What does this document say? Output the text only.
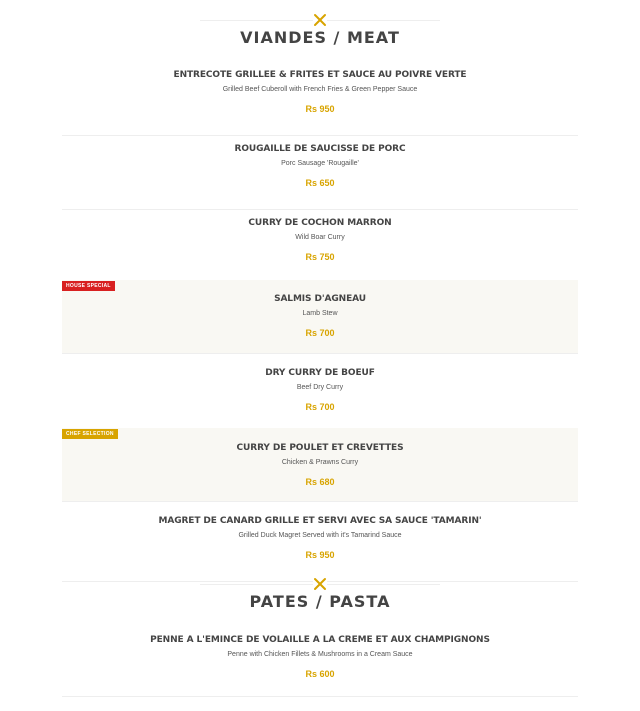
VIANDES / MEAT
ENTRECOTE GRILLEE & FRITES ET SAUCE AU POIVRE VERTE
Grilled Beef Cuberoll with French Fries & Green Pepper Sauce
Rs 950
ROUGAILLE DE SAUCISSE DE PORC
Porc Sausage 'Rougaille'
Rs 650
CURRY DE COCHON MARRON
Wild Boar Curry
Rs 750
HOUSE SPECIAL
SALMIS D'AGNEAU
Lamb Stew
Rs 700
DRY CURRY DE BOEUF
Beef Dry Curry
Rs 700
CHEF SELECTION
CURRY DE POULET ET CREVETTES
Chicken & Prawns Curry
Rs 680
MAGRET DE CANARD GRILLE ET SERVI AVEC SA SAUCE 'TAMARIN'
Grilled Duck Magret Served with it's Tamarind Sauce
Rs 950
PATES / PASTA
PENNE A L'EMINCE DE VOLAILLE A LA CREME ET AUX CHAMPIGNONS
Penne with Chicken Fillets & Mushrooms in a Cream Sauce
Rs 600
